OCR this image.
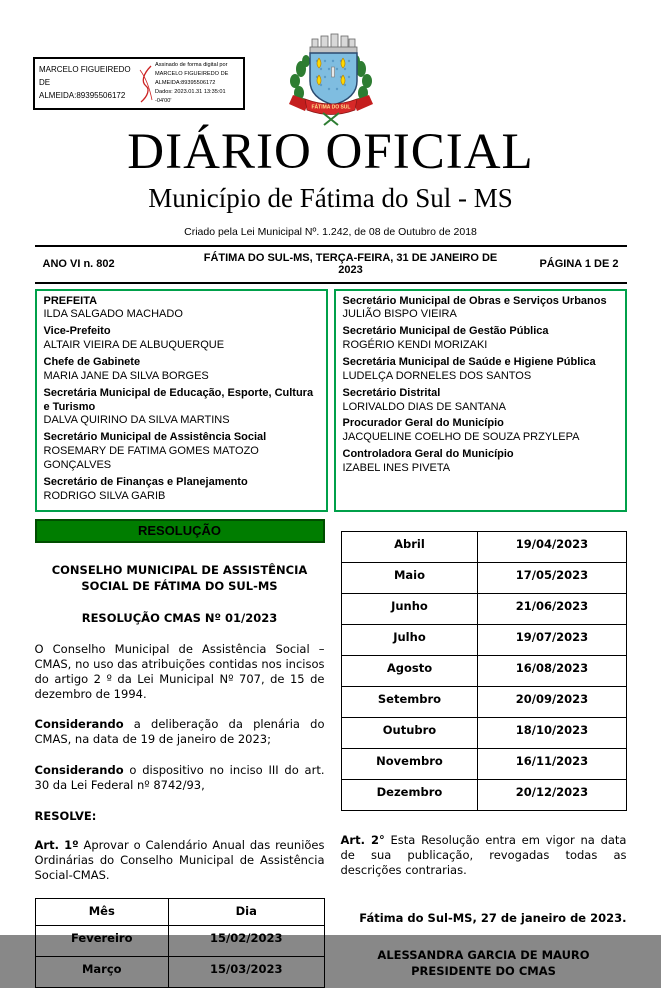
MARCELO FIGUEIREDO DE ALMEIDA:89395506172
Assinado de forma digital por
MARCELO FIGUEIREDO DE
ALMEIDA:89395506172
Dados: 2023.01.31 13:35:01 -04'00'
FÁTIMA DO SUL
DIÁRIO OFICIAL
Município de Fátima do Sul - MS
Criado pela Lei Municipal Nº. 1.242, de 08 de Outubro de 2018
ANO VI n. 802	FÁTIMA DO SUL-MS, TERÇA-FEIRA, 31 DE JANEIRO DE 2023	PÁGINA 1 DE 2
PREFEITA
ILDA SALGADO MACHADO
Vice-Prefeito
ALTAIR VIEIRA DE ALBUQUERQUE
Chefe de Gabinete
MARIA JANE DA SILVA BORGES
Secretária Municipal de Educação, Esporte, Cultura e Turismo
DALVA QUIRINO DA SILVA MARTINS
Secretário Municipal de Assistência Social
ROSEMARY DE FATIMA GOMES MATOZO GONÇALVES
Secretário de Finanças e Planejamento
RODRIGO SILVA GARIB
Secretário Municipal de Obras e Serviços Urbanos
JULIÃO BISPO VIEIRA
Secretário Municipal de Gestão Pública
ROGÉRIO KENDI MORIZAKI
Secretária Municipal de Saúde e Higiene Pública
LUDELÇA DORNELES DOS SANTOS
Secretário Distrital
LORIVALDO DIAS DE SANTANA
Procurador Geral do Município
JACQUELINE COELHO DE SOUZA PRZYLEPA
Controladora Geral do Município
IZABEL INES PIVETA
RESOLUÇÃO
CONSELHO MUNICIPAL DE ASSISTÊNCIA SOCIAL DE FÁTIMA DO SUL-MS
RESOLUÇÃO CMAS Nº 01/2023

O Conselho Municipal de Assistência Social – CMAS, no uso das atribuições contidas nos incisos do artigo 2 º da Lei Municipal Nº 707, de 15 de dezembro de 1994.

Considerando a deliberação da plenária do CMAS, na data de 19 de janeiro de 2023;

Considerando o dispositivo no inciso III do art. 30 da Lei Federal nº 8742/93,

RESOLVE:

Art. 1º Aprovar o Calendário Anual das reuniões Ordinárias do Conselho Municipal de Assistência Social-CMAS.

Mês	Dia
Fevereiro	15/02/2023
Março	15/03/2023
Abril	19/04/2023
Maio	17/05/2023
Junho	21/06/2023
Julho	19/07/2023
Agosto	16/08/2023
Setembro	20/09/2023
Outubro	18/10/2023
Novembro	16/11/2023
Dezembro	20/12/2023

Art. 2° Esta Resolução entra em vigor na data de sua publicação, revogadas todas as descrições contrarias.

Fátima do Sul-MS, 27 de janeiro de 2023.
ALESSANDRA GARCIA DE MAURO
PRESIDENTE DO CMAS
